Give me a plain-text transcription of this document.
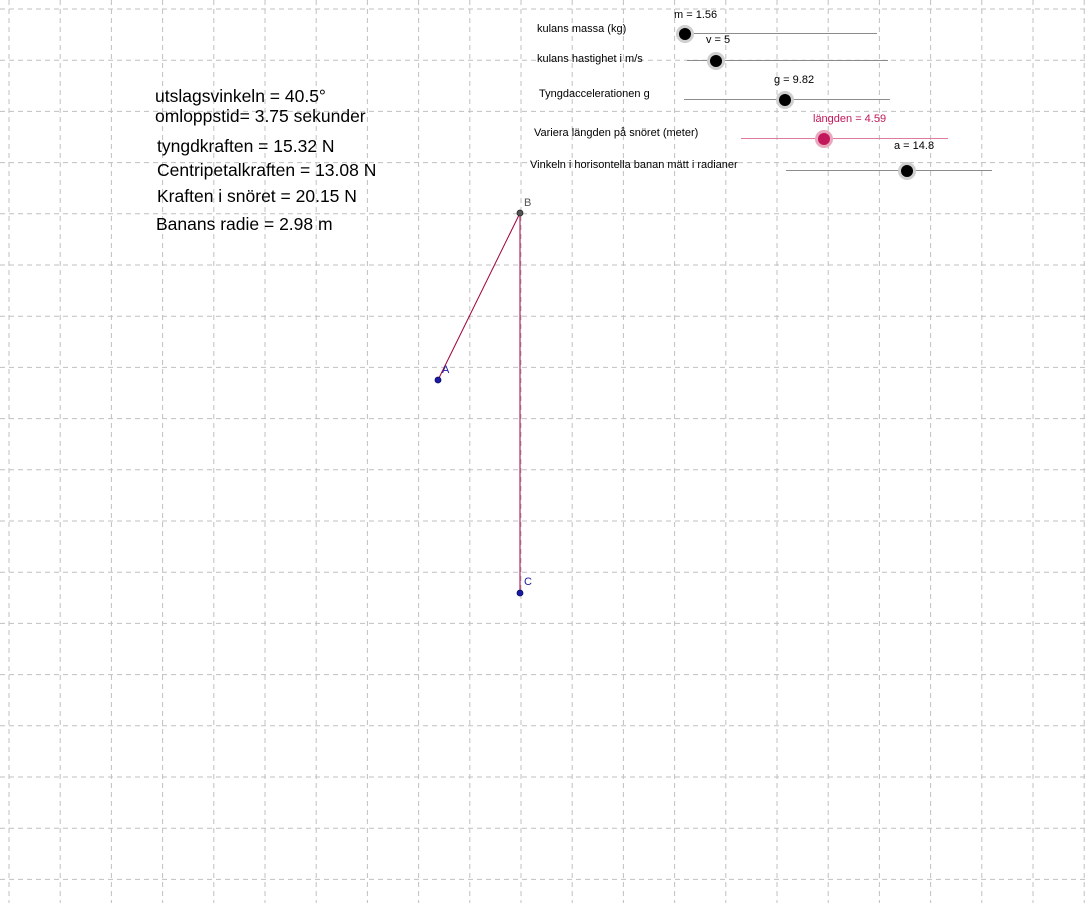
A
B
C
utslagsvinkeln = 40.5°
omloppstid= 3.75 sekunder
tyngdkraften = 15.32 N
Centripetalkraften = 13.08 N
Kraften i snöret = 20.15 N
Banans radie = 2.98 m
kulans massa (kg)
m = 1.56
kulans hastighet i m/s
v = 5
Tyngdaccelerationen g
g = 9.82
Variera längden på snöret (meter)
längden = 4.59
Vinkeln i horisontella banan mätt i radianer
a = 14.8
